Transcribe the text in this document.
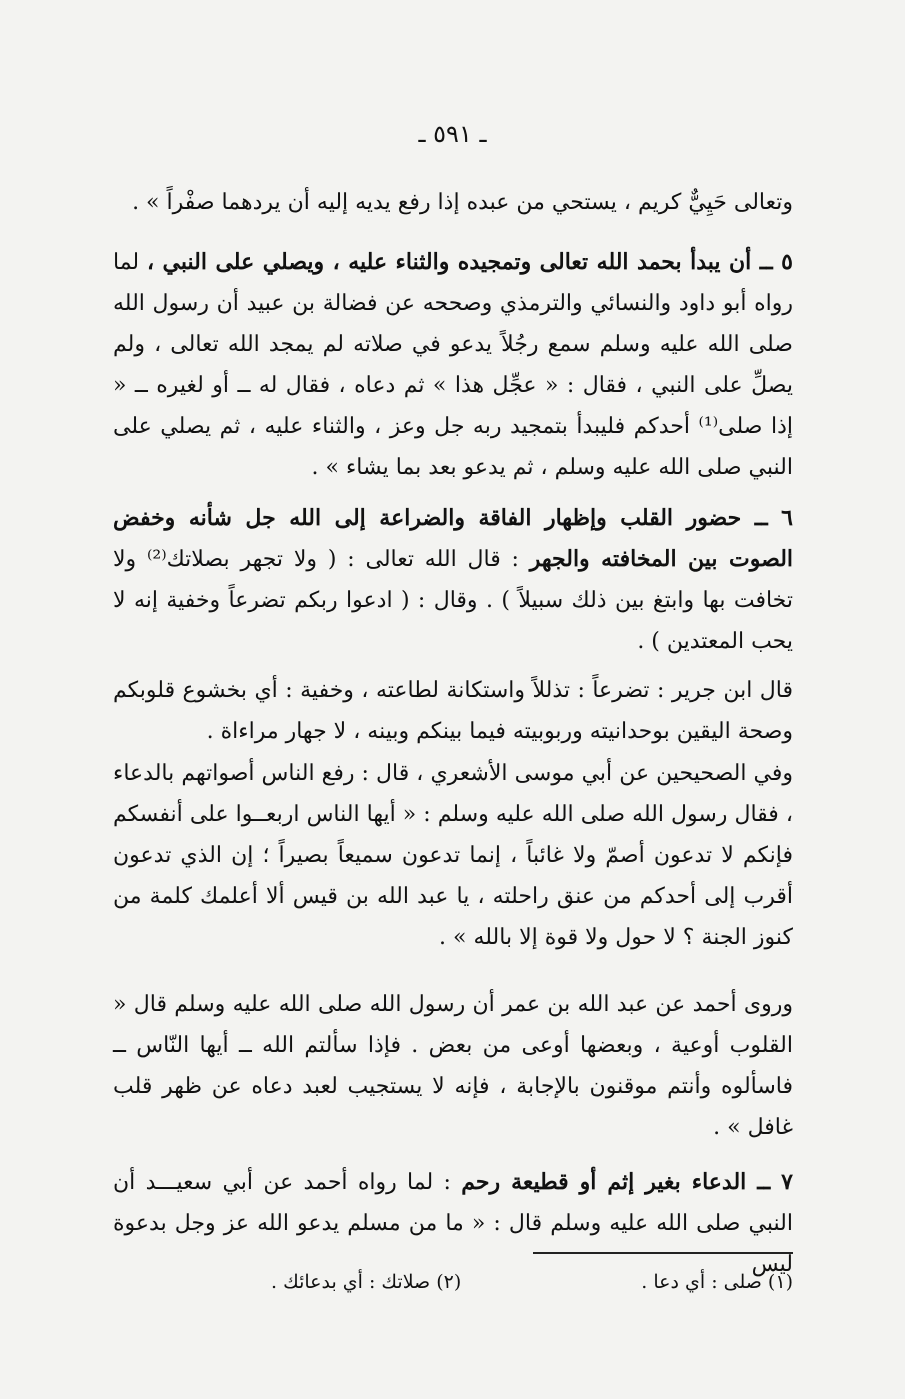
ـ ٥٩١ ـ

وتعالى حَيِيٌّ كريم ، يستحي من عبده إذا رفع يديه إليه أن يردهما صفْراً » .

٥ ــ أن يبدأ بحمد الله تعالى وتمجيده والثناء عليه ، ويصلي على النبي ، لما رواه أبو داود والنسائي والترمذي وصححه عن فضالة بن عبيد أن رسول الله صلى الله عليه وسلم سمع رجُلاً يدعو في صلاته لم يمجد الله تعالى ، ولم يصلِّ على النبي ، فقال : « عجِّل هذا » ثم دعاه ، فقال له ــ أو لغيره ــ « إذا صلى⁽¹⁾ أحدكم فليبدأ بتمجيد ربه جل وعز ، والثناء عليه ، ثم يصلي على النبي صلى الله عليه وسلم ، ثم يدعو بعد بما يشاء » .

٦ ــ حضور القلب وإظهار الفاقة والضراعة إلى الله جل شأنه وخفض الصوت بين المخافته والجهر : قال الله تعالى : ( ولا تجهر بصلاتك⁽²⁾ ولا تخافت بها وابتغ بين ذلك سبيلاً ) . وقال : ( ادعوا ربكم تضرعاً وخفية إنه لا يحب المعتدين ) .

قال ابن جرير : تضرعاً : تذللاً واستكانة لطاعته ، وخفية : أي بخشوع قلوبكم وصحة اليقين بوحدانيته وربوبيته فيما بينكم وبينه ، لا جهار مراءاة .

وفي الصحيحين عن أبي موسى الأشعري ، قال : رفع الناس أصواتهم بالدعاء ، فقال رسول الله صلى الله عليه وسلم : « أيها الناس اربعــوا على أنفسكم فإنكم لا تدعون أصمّ ولا غائباً ، إنما تدعون سميعاً بصيراً ؛ إن الذي تدعون أقرب إلى أحدكم من عنق راحلته ، يا عبد الله بن قيس ألا أعلمك كلمة من كنوز الجنة ؟ لا حول ولا قوة إلا بالله » .

وروى أحمد عن عبد الله بن عمر أن رسول الله صلى الله عليه وسلم قال « القلوب أوعية ، وبعضها أوعى من بعض . فإذا سألتم الله ــ أيها النّاس ــ فاسألوه وأنتم موقنون بالإجابة ، فإنه لا يستجيب لعبد دعاه عن ظهر قلب غافل » .

٧ ــ الدعاء بغير إثم أو قطيعة رحم : لما رواه أحمد عن أبي سعيـــد أن النبي صلى الله عليه وسلم قال : « ما من مسلم يدعو الله عز وجل بدعوة ليس

(١) صلى : أي دعا .
(٢) صلاتك : أي بدعائك .
